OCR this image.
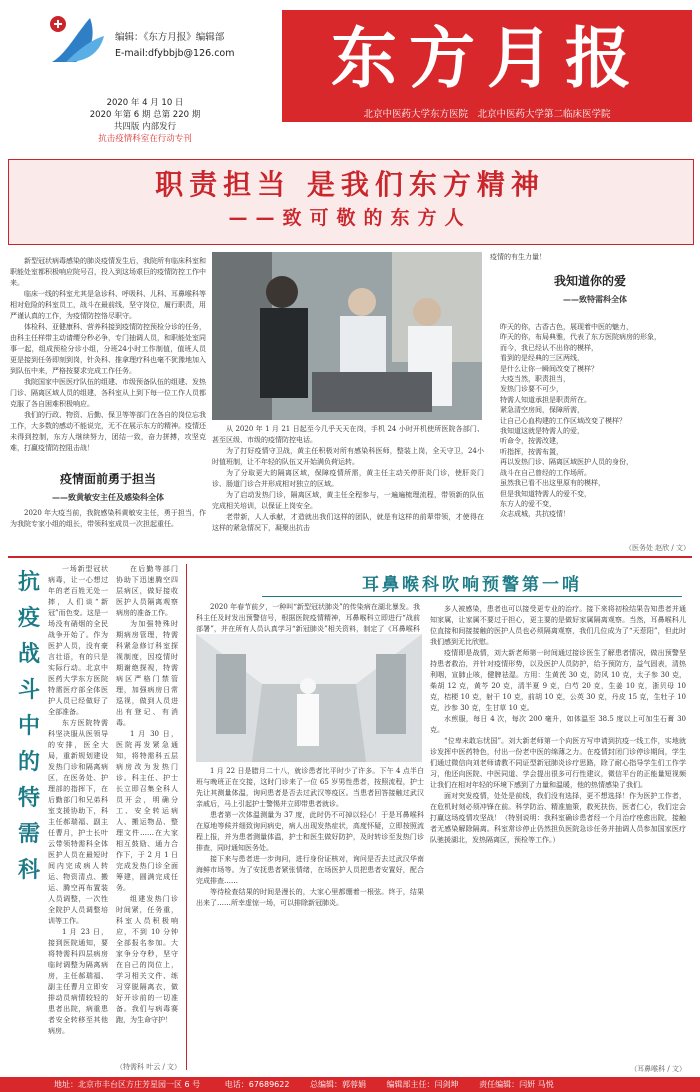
编辑：《东方月报》编辑部
E-mail:dfybbjb@126.com
2020 年 4 月 10 日
2020 年第 6 期 总第 220 期
共四版 内部发行
抗击疫情科室在行动专刊
东方月报
北京中医药大学东方医院　北京中医药大学第二临床医学院
职责担当 是我们东方精神
——致可敬的东方人
新型冠状病毒感染的肺炎疫情发生后，我院所有临床科室和职能处室都积极响应院号召，投入到这场艰巨的疫情防控工作中来。
临床一线的科室尤其是急诊科、呼吸科、儿科、耳鼻喉科等相对危险的科室员工，战斗在最前线，坚守岗位，履行职责，用严谨认真的工作，为疫情防控恪尽职守。
体检科、亚健康科、营养科接到疫情防控预检分诊的任务，由科主任样带主动请缨分秒必争，专门抽调人员，和职能处室同事一起，组成预检分诊小组，分班24小时工作制值，值班人员更是接到任务即刻到岗，针灸科、推拿理疗科也毫不犹豫地加入到队伍中来，严格按要求完成工作任务。
我院国家中医医疗队伍的组建、市级预备队伍的组建、发热门诊、隔离区域人员的组建，各科室从上到下每一位工作人员都克服了各自困难积极响应。
我们的行政、物资、后勤、保卫等等部门在各自的岗位忘我工作，大多数的感动不能说完，无不在展示东方的精神。疫情还未得到控制，东方人继续努力，团结一致，奋力拼搏，攻坚克难，打赢疫情防控阻击战！
疫情面前勇于担当
——致黄敏安主任及感染科全体
2020 年大疫当前，我院感染科黄敏安主任，勇于担当，作为我院专家小组的组长，带领科室成员一次担起重任。
从 2020 年 1 月 21 日起至今几乎天天在岗，手机 24 小时开机使所医院各部门、甚至区级、市级的疫情防控电话。
为了打好疫情守卫战，黄主任积极对所有感染科医师，整装上岗，全天守卫，24小时值班制，让不年轻的队伍又开始满负荷运转。
为了分取更大的隔离区域，保障疫情所需，黄主任主动关停肝炎门诊，使肝炎门诊、肠道门诊合并形成相对独立的区域。
为了启动发热门诊，隔离区域，黄主任全程参与，一遍遍梳理流程，带领新的队伍完成相关培训，以保证上岗安全。
老带新，人人承献，才造就出我们这样的团队，就是有这样的前辈带领，才使得在这样的紧急情况下，凝聚出抗击
疫情的有生力量！
我知道你的爱
——致特需科全体
昨天的你，古香古色，展现着中医的魅力，
昨天的你，布局典雅，代表了东方医院病房的形象，
而今，我已经认不出你的模样，
看到的是经典的三区两线，
是什么让你一瞬间改变了模样？
大疫当然，职责担当，
发热门诊要不可少，
特需人知道承担是职责所在。
紧急清空房间，保障所需，
让自己心血构建的工作区域改变了模样？
我知道这就是特需人的爱，
听命令，按需改建，
听指挥，按需布置，
再以发热门诊、隔离区域医护人员的身份，
战斗在自己曾经的工作场所。
虽然我已看不出这里原有的模样，
但是我知道特需人的爱不变，
东方人的爱不变，
众志成城，共抗疫情！
（医务处 赵欣 / 文）
抗
疫
战
斗
中
的
特
需
科
一场新型冠状病毒，让一心想过年的老百姓无处一摔，人们谈“新冠”而色变。这是一场没有硝烟的全民战争开始了。作为医护人员，没有豪言壮语，有的只是实际行动。北京中医药大学东方医院特需医疗部全体医护人员已经做好了全部准备。
东方医院特需科坚决服从医领导的安排，医全大局，重新规划建设发热门诊和隔离病区，在医务处、护理部的指挥下，在后勤部门和兄弟科室支援协助下，科主任郝瑞福、副主任曹月，护士长叶云带领特需科全体医护人员在最短时间内完成病人转运、物资清点、搬运、腾空再布置装人员调整，一次性全院护人员调整培训等工作。
1 月 23 日，接到医院通知，要将特需科四层病房临时调整为隔离病房，主任郝瑞福、副主任曹月立即安排动员病情较轻的患者出院，病重患者安全转移至其他病房。
在后勤等部门协助下迅速腾空四层病区，做好接收医护人员隔离观察病房的准备工作。
为加强特殊时期病房管理，特需科紧急修订科室探视制度，因疫情时期谢绝探视，特需病区严格门禁管理，加强病房日常巡视，做到人员进出有登记、有消毒。
1 月 30 日，医院再发紧急通知，将特需科五层病房改为发热门诊。科主任、护士长立即召集全科人员开会，明确分工、安全转运病人、搬运物品、整理文件……在大家相互鼓励、通力合作下，于 2 月 1 日完成发热门诊全面筹建，圆满完成任务。
组建发热门诊时间紧，任务重，科室人员积极响应，不到 10 分钟全部报名参加。大家争分夺秒，坚守在自己的岗位上，学习相关文件、练习穿脱隔离衣，做好开诊前的一切准备。我们与病毒赛跑，为生命守护！
（特需科 叶云 / 文）
耳鼻喉科吹响预警第一哨
2020 年春节前夕，一种叫“新型冠状肺炎”的传染病在湖北暴发。我科主任及时发出预警信号，根据医院疫情精神，耳鼻喉科立即进行“战前部署”，并在所有人员认真学习“新冠肺炎”相关资料，制定了《耳鼻喉科
1 月 22 日是腊月二十八，就诊患者比平时少了许多。下午 4 点半白班与晚班正在交接，这时门诊来了一位 65 岁男性患者，按照流程，护士先让其测量体温，询问患者是否去过武汉等疫区。当患者回答接触过武汉亲戚后，马上引起护士警惕并立即带患者就诊。
患者第一次体温测量为 37 度，此时仍不可掉以轻心！于是耳鼻喉科在原地等候并细致询问病史，病人出现发热症状，高度怀疑，立即按照流程上报，并为患者测量体温，护士和医生做好防护，及时转诊至发热门诊排查，同时通知医务处。
接下来与患者进一步询问，进行身份证核对，询问是否去过武汉华南海鲜市场等。为了安抚患者紧张情绪，在场医护人员把患者安置好，配合完成排查……
等待检查结果的时间是漫长的，大家心里都绷着一根弦。终于，结果出来了……所幸虚惊一场，可以排除新冠肺炎。
多人被感染，患者也可以接受更专业的治疗。接下来将初检结果告知患者并通知家属，让家属不要过于担心，更主要的是做好家属隔离观察。当然，耳鼻喉科儿位直接和间接接触的医护人员也必须隔离观察，我们几位成为了“天惹阳”，但此时我们感到无比欣慰。
疫情即是战情，刘大新老师第一时间通过接诊医生了解患者情况，做出预警坚持患者救治，并针对疫情形势，以及医护人员防护，给予预防方，益气固表，清热利咽，宣肺止咳，健脾祛湿。方用：生黄芪 30 克，防风 10 克，太子参 30 克，柴胡 12 克，黄芩 20 克，清半夏 9 克，白芍 20 克，生姜 10 克，浙贝母 10 克，桔梗 10 克，射干 10 克，前胡 10 克，公英 30 克，丹皮 15 克，生牡子 10 克，沙参 30 克，生甘草 10 克。
水煎服，每日 4 次，每次 200 毫升，如体温至 38.5 度以上可加生石膏 30 克。
“位卑未敢忘忧国”。刘大新老师第一个向医方写申请到抗疫一线工作，实地就诊发挥中医药特色，付出一份老中医的绵薄之力。在疫情封闭门诊停诊期间，学生们通过微信向刘老师请教不同证型新冠肺炎诊疗思路，除了耐心指导学生们工作学习，他还向医院、中医同道、学会提出很多可行性建议，微信平台的正能量短视频让我们在相对年轻的环境下感到了力量和温暖，他的热情感染了我们。
面对突发疫情，处处是前线，我们没有选择，更不想选择！作为医护工作者，在危机时刻必须冲锋在前。科学防治、精准施策，救死扶伤，医者仁心，我们定会打赢这场疫情攻坚战！（特别说明：我科室确诊患者经一个月治疗痊愈出院，接触者无感染解除隔离。科室常诊停止仍然担负医院急诊任务并抽调人员参加国家医疗队驰援湖北，发热隔离区，预检等工作。）
（耳鼻喉科 / 文）
地址：北京市丰台区方庄芳星园一区 6 号	电话：67689622	总编辑：郭蓉娟	编辑部主任：闫剑坤	责任编辑：闫妍 马悦
